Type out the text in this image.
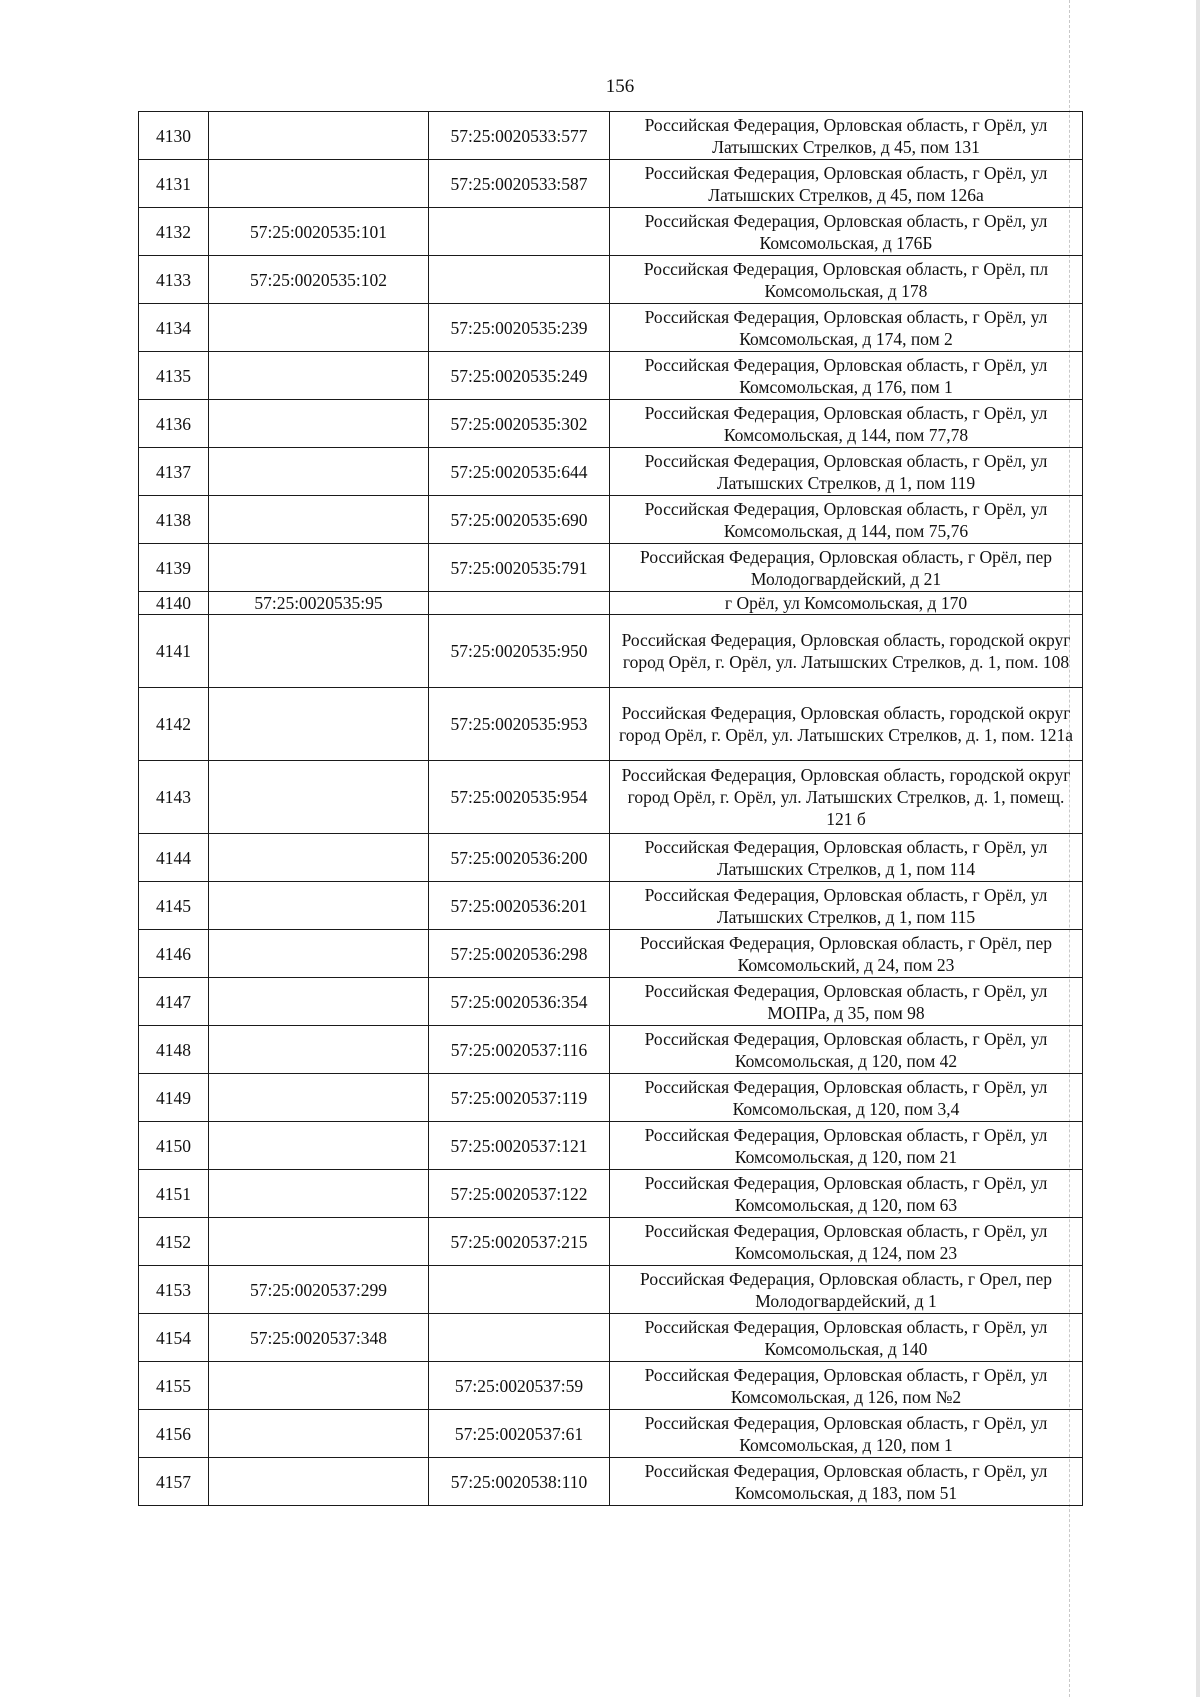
156
4130		57:25:0020533:577	Российская Федерация, Орловская область, г Орёл, ул Латышских Стрелков, д 45, пом 131
4131		57:25:0020533:587	Российская Федерация, Орловская область, г Орёл, ул Латышских Стрелков, д 45, пом 126а
4132	57:25:0020535:101		Российская Федерация, Орловская область, г Орёл, ул Комсомольская, д 176Б
4133	57:25:0020535:102		Российская Федерация, Орловская область, г Орёл, пл Комсомольская, д 178
4134		57:25:0020535:239	Российская Федерация, Орловская область, г Орёл, ул Комсомольская, д 174, пом 2
4135		57:25:0020535:249	Российская Федерация, Орловская область, г Орёл, ул Комсомольская, д 176, пом 1
4136		57:25:0020535:302	Российская Федерация, Орловская область, г Орёл, ул Комсомольская, д 144, пом 77,78
4137		57:25:0020535:644	Российская Федерация, Орловская область, г Орёл, ул Латышских Стрелков, д 1, пом 119
4138		57:25:0020535:690	Российская Федерация, Орловская область, г Орёл, ул Комсомольская, д 144, пом 75,76
4139		57:25:0020535:791	Российская Федерация, Орловская область, г Орёл, пер Молодогвардейский, д 21
4140	57:25:0020535:95		г Орёл, ул Комсомольская, д 170
4141		57:25:0020535:950	Российская Федерация, Орловская область, городской округ город Орёл, г. Орёл, ул. Латышских Стрелков, д. 1, пом. 108
4142		57:25:0020535:953	Российская Федерация, Орловская область, городской округ город Орёл, г. Орёл, ул. Латышских Стрелков, д. 1, пом. 121а
4143		57:25:0020535:954	Российская Федерация, Орловская область, городской округ город Орёл, г. Орёл, ул. Латышских Стрелков, д. 1, помещ. 121 б
4144		57:25:0020536:200	Российская Федерация, Орловская область, г Орёл, ул Латышских Стрелков, д 1, пом 114
4145		57:25:0020536:201	Российская Федерация, Орловская область, г Орёл, ул Латышских Стрелков, д 1, пом 115
4146		57:25:0020536:298	Российская Федерация, Орловская область, г Орёл, пер Комсомольский, д 24, пом 23
4147		57:25:0020536:354	Российская Федерация, Орловская область, г Орёл, ул МОПРа, д 35, пом 98
4148		57:25:0020537:116	Российская Федерация, Орловская область, г Орёл, ул Комсомольская, д 120, пом 42
4149		57:25:0020537:119	Российская Федерация, Орловская область, г Орёл, ул Комсомольская, д 120, пом 3,4
4150		57:25:0020537:121	Российская Федерация, Орловская область, г Орёл, ул Комсомольская, д 120, пом 21
4151		57:25:0020537:122	Российская Федерация, Орловская область, г Орёл, ул Комсомольская, д 120, пом 63
4152		57:25:0020537:215	Российская Федерация, Орловская область, г Орёл, ул Комсомольская, д 124, пом 23
4153	57:25:0020537:299		Российская Федерация, Орловская область, г Орел, пер Молодогвардейский, д 1
4154	57:25:0020537:348		Российская Федерация, Орловская область, г Орёл, ул Комсомольская, д 140
4155		57:25:0020537:59	Российская Федерация, Орловская область, г Орёл, ул Комсомольская, д 126, пом №2
4156		57:25:0020537:61	Российская Федерация, Орловская область, г Орёл, ул Комсомольская, д 120, пом 1
4157		57:25:0020538:110	Российская Федерация, Орловская область, г Орёл, ул Комсомольская, д 183, пом 51
